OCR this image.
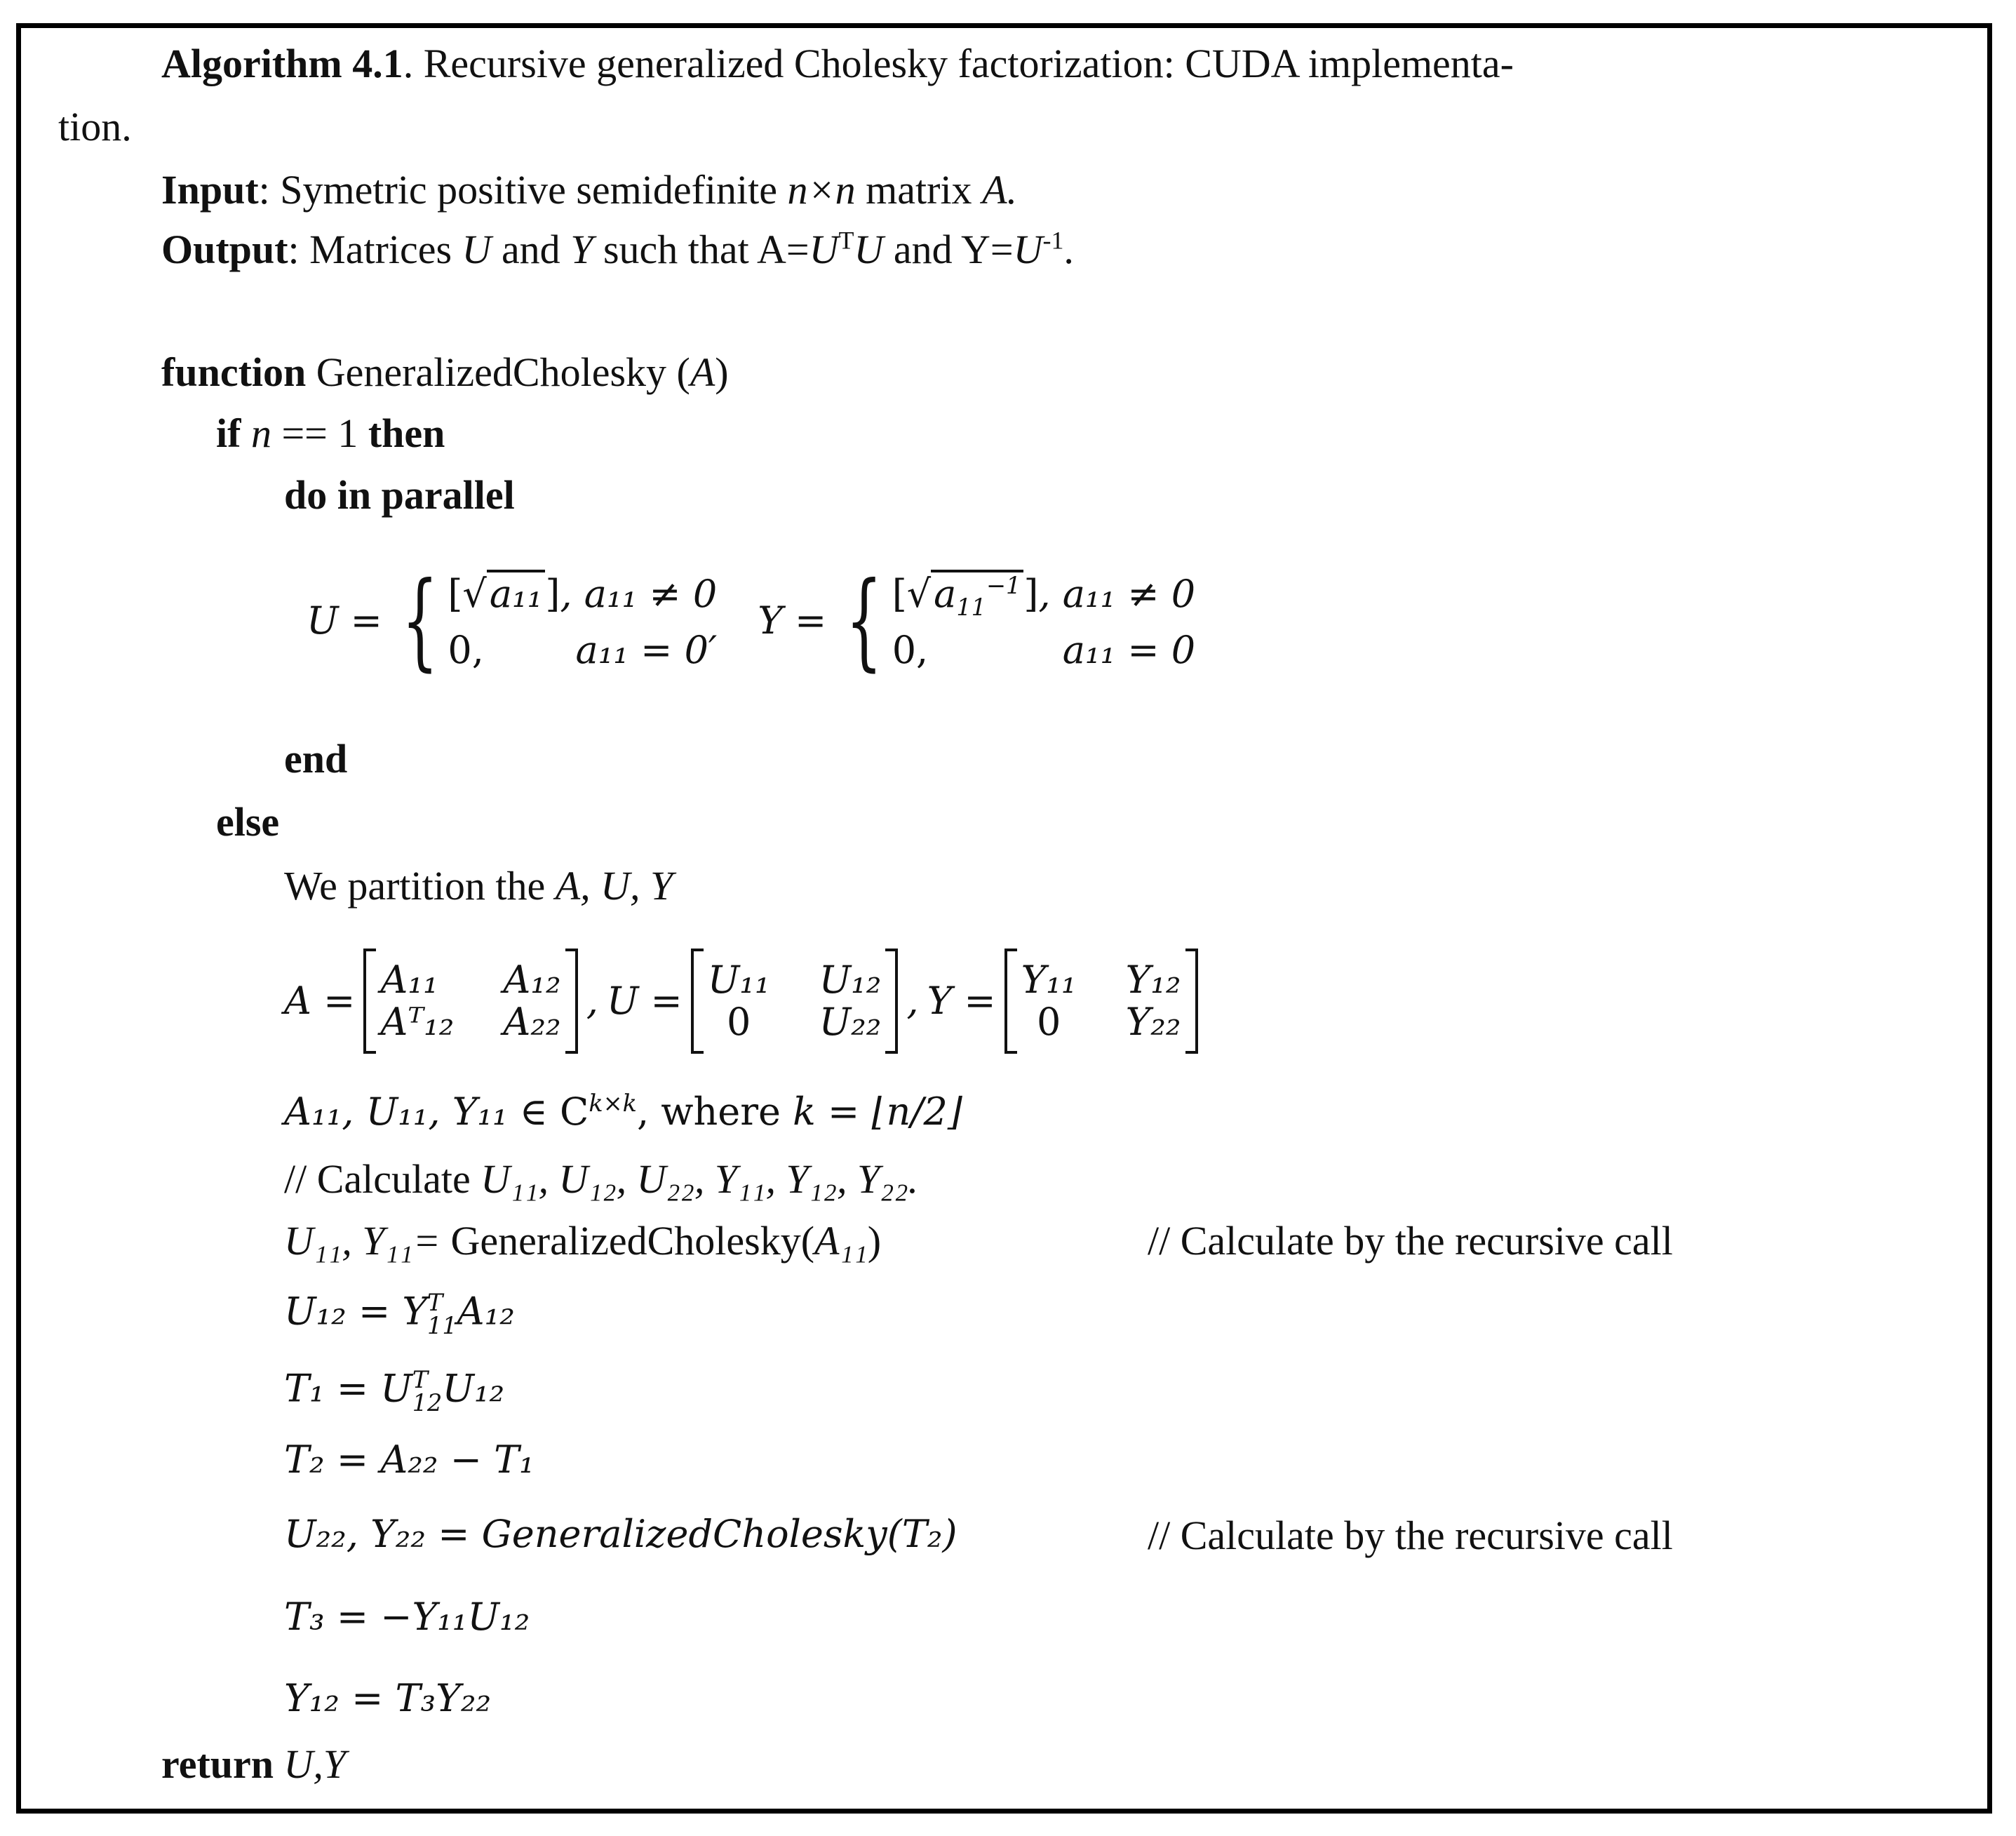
Algorithm 4.1. Recursive generalized Cholesky factorization: CUDA implementa-
tion.
Input: Symetric positive semidefinite n×n matrix A.
Output: Matrices U and Y such that $A=U^TU$ and $Y=U^{-1}$.
function GeneralizedCholesky (A)
if n == 1 then
do in parallel
U = { [√a₁₁], a₁₁ ≠ 0
0, a₁₁ = 0′
Y = { $[√a_{11}^{-1}]$, a₁₁ ≠ 0
0,	a₁₁ = 0
end
else
We partition the A, U, Y
A = A₁₁	A₁₂
Aᵀ₁₂ A₂₂ , U = U₁₁ U₁₂
0	U₂₂ , Y = Y₁₁ Y₁₂
0	Y₂₂
A₁₁, U₁₁, Y₁₁ ∈ $C^{k\times k}$, where k = ⌊n/2⌋
// Calculate U₁₁, U₁₂, U₂₂, Y₁₁, Y₁₂, Y₂₂.
U₁₁, Y₁₁= GeneralizedCholesky(A₁₁)	// Calculate by the recursive call
U₁₂ = Y T
11 A₁₂
T₁ = U T
12 U₁₂
T₂ = A₂₂ − T₁
U₂₂, Y₂₂ = GeneralizedCholesky(T₂)	// Calculate by the recursive call
T₃ = −Y₁₁U₁₂
Y₁₂ = T₃Y₂₂
return U,Y
